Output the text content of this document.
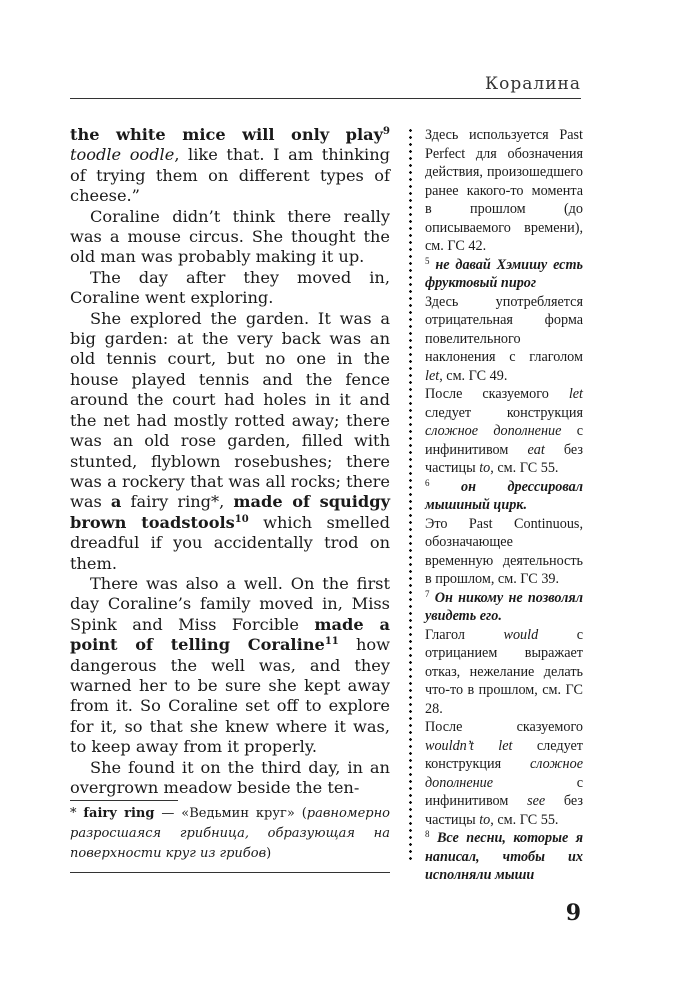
Коралина

the white mice will only play$^9$ toodle oodle, like that. I am thinking of trying them on different types of cheese.”

Coraline didn’t think there really was a mouse circus. She thought the old man was probably making it up.

The day after they moved in, Coraline went exploring.

She explored the garden. It was a big garden: at the very back was an old tennis court, but no one in the house played tennis and the fence around the court had holes in it and the net had mostly rotted away; there was an old rose garden, filled with stunted, flyblown rosebushes; there was a rockery that was all rocks; there was a fairy ring*, made of squidgy brown toadstools$^{10}$ which smelled dreadful if you accidentally trod on them.

There was also a well. On the first day Coraline’s family moved in, Miss Spink and Miss Forcible made a point of telling Coraline$^{11}$ how dangerous the well was, and they warned her to be sure she kept away from it. So Coraline set off to explore for it, so that she knew where it was, to keep away from it properly.

She found it on the third day, in an overgrown meadow beside the ten-

* fairy ring — «Ведьмин круг» (равномерно разросшаяся грибница, образующая на поверхности круг из грибов)

Здесь используется Past Perfect для обозначения действия, произошедшего ранее какого-то момента в прошлом (до описываемого времени), см. ГС 42.

$^5$ не давай Хэмишу есть фруктовый пирог

Здесь употребляется отрицательная форма повелительного наклонения с глаголом let, см. ГС 49.

После сказуемого let следует конструкция сложное дополнение с инфинитивом eat без частицы to, см. ГС 55.

$^6$ он дрессировал мышиный цирк.

Это Past Continuous, обозначающее временную деятельность в прошлом, см. ГС 39.

$^7$ Он никому не позволял увидеть его.

Глагол would с отрицанием выражает отказ, нежелание делать что-то в прошлом, см. ГС 28.

После сказуемого wouldn’t let следует конструкция сложное дополнение с инфинитивом see без частицы to, см. ГС 55.

$^8$ Все песни, которые я написал, чтобы их исполняли мыши

9
